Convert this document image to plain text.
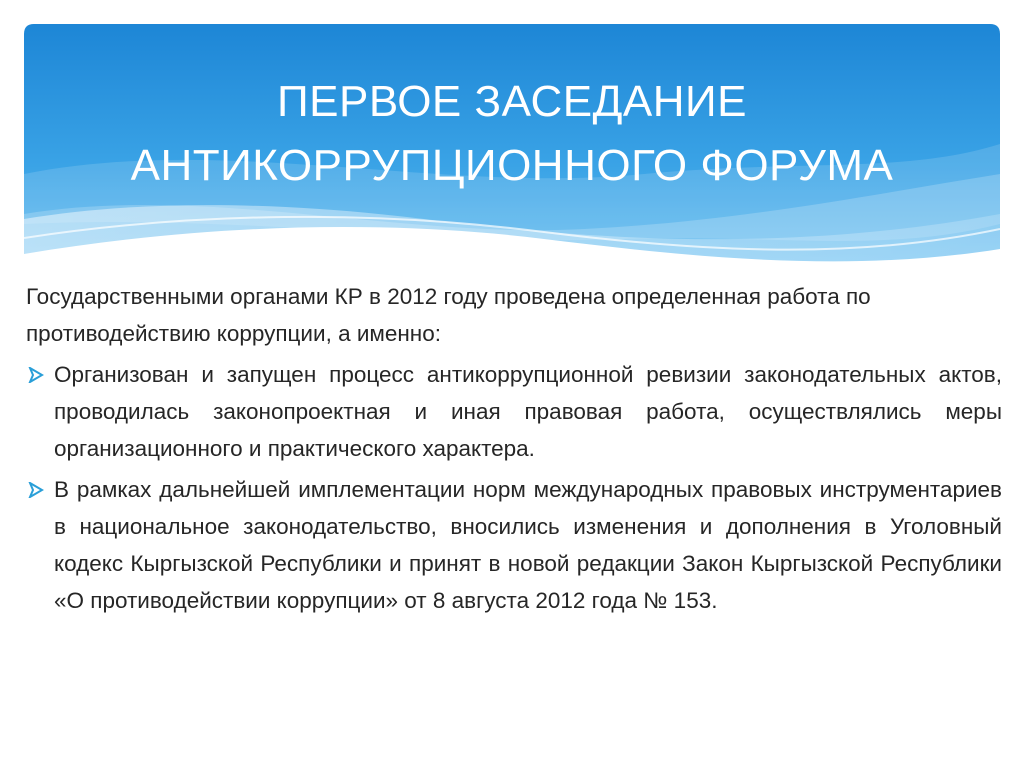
ПЕРВОЕ ЗАСЕДАНИЕ
АНТИКОРРУПЦИОННОГО ФОРУМА

Государственными органами КР в 2012 году проведена определенная работа по противодействию коррупции, а именно:

Организован и запущен процесс антикоррупционной ревизии законодательных актов, проводилась законопроектная и иная правовая работа, осуществлялись меры организационного и практического характера.
В рамках дальнейшей имплементации норм международных правовых инструментариев в национальное законодательство, вносились изменения и дополнения в Уголовный кодекс Кыргызской Республики и принят в новой редакции Закон Кыргызской Республики «О противодействии коррупции» от 8 августа 2012 года № 153.
